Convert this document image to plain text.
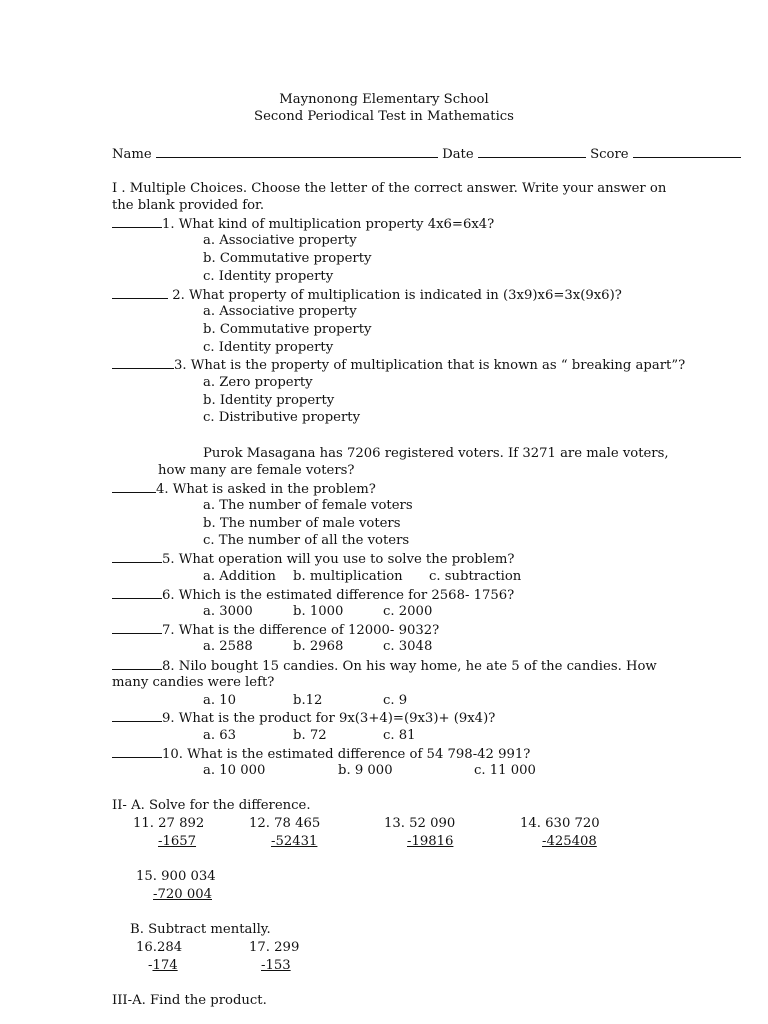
Maynonong Elementary School
Second Periodical Test in Mathematics
Name	Date	Score
I . Multiple Choices. Choose the letter of the correct answer. Write your answer on
the blank provided for.
1. What kind of multiplication property 4x6=6x4?
a. Associative property
b. Commutative property
c. Identity property
2. What property of multiplication is indicated in (3x9)x6=3x(9x6)?
a. Associative property
b. Commutative property
c. Identity property
3. What is the property of multiplication that is known as “ breaking apart”?
a. Zero property
b. Identity property
c. Distributive property
Purok Masagana has 7206 registered voters. If 3271 are male voters,
how many are female voters?
4. What is asked in the problem?
a. The number of female voters
b. The number of male voters
c. The number of all the voters
5. What operation will you use to solve the problem?
a. Addition b. multiplication c. subtraction
6. Which is the estimated difference for 2568- 1756?
a. 3000	b. 1000	c. 2000
7. What is the difference of 12000- 9032?
a. 2588	b. 2968	c. 3048
8. Nilo bought 15 candies. On his way home, he ate 5 of the candies. How
many candies were left?
a. 10	b.12	c. 9
9. What is the product for 9x(3+4)=(9x3)+ (9x4)?
a. 63	b. 72	c. 81
10. What is the estimated difference of 54 798-42 991?
a. 10 000	b. 9 000	c. 11 000
II- A. Solve for the difference.
11. 27 892
-1657
12. 78 465
-52431
13. 52 090
-19816
14. 630 720
-425408
15. 900 034
-720 004
B. Subtract mentally.
16.284
-174
17. 299
-153
III-A. Find the product.
